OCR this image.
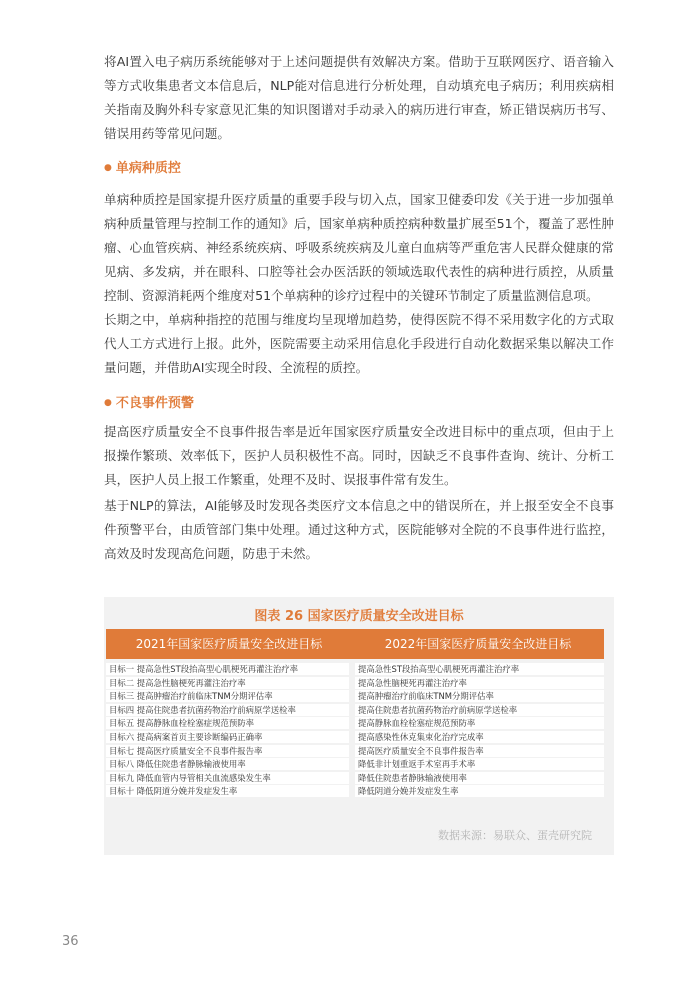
将AI置入电子病历系统能够对于上述问题提供有效解决方案。借助于互联网医疗、语音输入等方式收集患者文本信息后，NLP能对信息进行分析处理，自动填充电子病历；利用疾病相关指南及胸外科专家意见汇集的知识图谱对手动录入的病历进行审查，矫正错误病历书写、错误用药等常见问题。

● 单病种质控

单病种质控是国家提升医疗质量的重要手段与切入点，国家卫健委印发《关于进一步加强单病种质量管理与控制工作的通知》后，国家单病种质控病种数量扩展至51个，覆盖了恶性肿瘤、心血管疾病、神经系统疾病、呼吸系统疾病及儿童白血病等严重危害人民群众健康的常见病、多发病，并在眼科、口腔等社会办医活跃的领域选取代表性的病种进行质控，从质量控制、资源消耗两个维度对51个单病种的诊疗过程中的关键环节制定了质量监测信息项。

长期之中，单病种指控的范围与维度均呈现增加趋势，使得医院不得不采用数字化的方式取代人工方式进行上报。此外，医院需要主动采用信息化手段进行自动化数据采集以解决工作量问题，并借助AI实现全时段、全流程的质控。

● 不良事件预警

提高医疗质量安全不良事件报告率是近年国家医疗质量安全改进目标中的重点项，但由于上报操作繁琐、效率低下，医护人员积极性不高。同时，因缺乏不良事件查询、统计、分析工具，医护人员上报工作繁重，处理不及时、误报事件常有发生。

基于NLP的算法，AI能够及时发现各类医疗文本信息之中的错误所在，并上报至安全不良事件预警平台，由质管部门集中处理。通过这种方式，医院能够对全院的不良事件进行监控，高效及时发现高危问题，防患于未然。

图表 26 国家医疗质量安全改进目标
2021年国家医疗质量安全改进目标	2022年国家医疗质量安全改进目标
目标一 提高急性ST段抬高型心肌梗死再灌注治疗率	提高急性ST段抬高型心肌梗死再灌注治疗率
目标二 提高急性脑梗死再灌注治疗率	提高急性脑梗死再灌注治疗率
目标三 提高肿瘤治疗前临床TNM分期评估率	提高肿瘤治疗前临床TNM分期评估率
目标四 提高住院患者抗菌药物治疗前病原学送检率	提高住院患者抗菌药物治疗前病原学送检率
目标五 提高静脉血栓栓塞症规范预防率	提高静脉血栓栓塞症规范预防率
目标六 提高病案首页主要诊断编码正确率	提高感染性休克集束化治疗完成率
目标七 提高医疗质量安全不良事件报告率	提高医疗质量安全不良事件报告率
目标八 降低住院患者静脉输液使用率	降低非计划重返手术室再手术率
目标九 降低血管内导管相关血流感染发生率	降低住院患者静脉输液使用率
目标十 降低阴道分娩并发症发生率	降低阴道分娩并发症发生率
数据来源：易联众、蛋壳研究院
36
